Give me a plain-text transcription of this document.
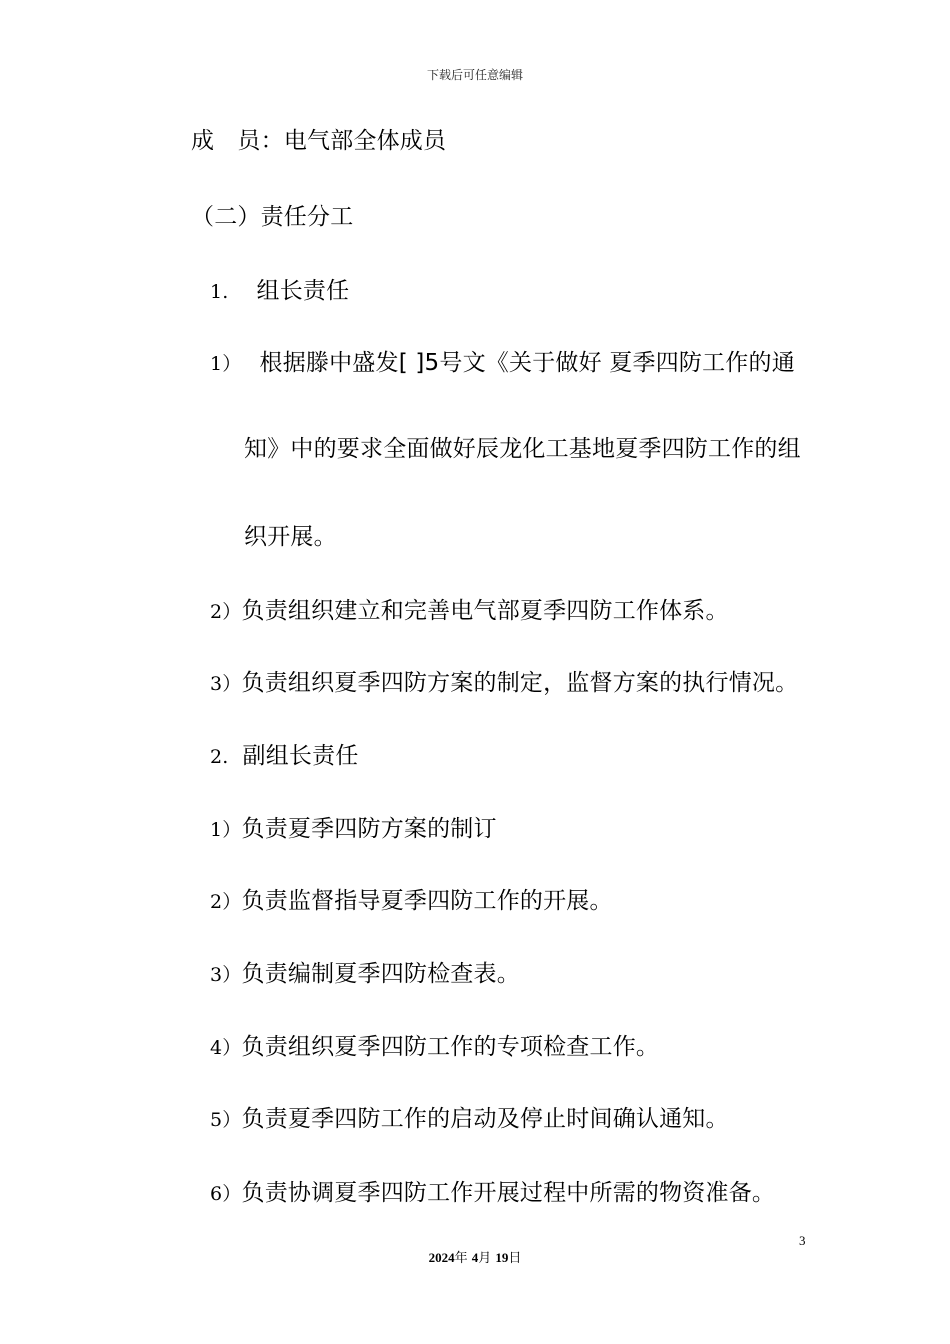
下载后可任意编辑
成　员：电气部全体成员
（二）责任分工
1. 组长责任
1） 根据滕中盛发[ ]5号文《关于做好 夏季四防工作的通
知》中的要求全面做好辰龙化工基地夏季四防工作的组
织开展。
2）负责组织建立和完善电气部夏季四防工作体系。
3）负责组织夏季四防方案的制定，监督方案的执行情况。
2. 副组长责任
1）负责夏季四防方案的制订
2）负责监督指导夏季四防工作的开展。
3）负责编制夏季四防检查表。
4）负责组织夏季四防工作的专项检查工作。
5）负责夏季四防工作的启动及停止时间确认通知。
6）负责协调夏季四防工作开展过程中所需的物资准备。
3
2024年 4月 19日
